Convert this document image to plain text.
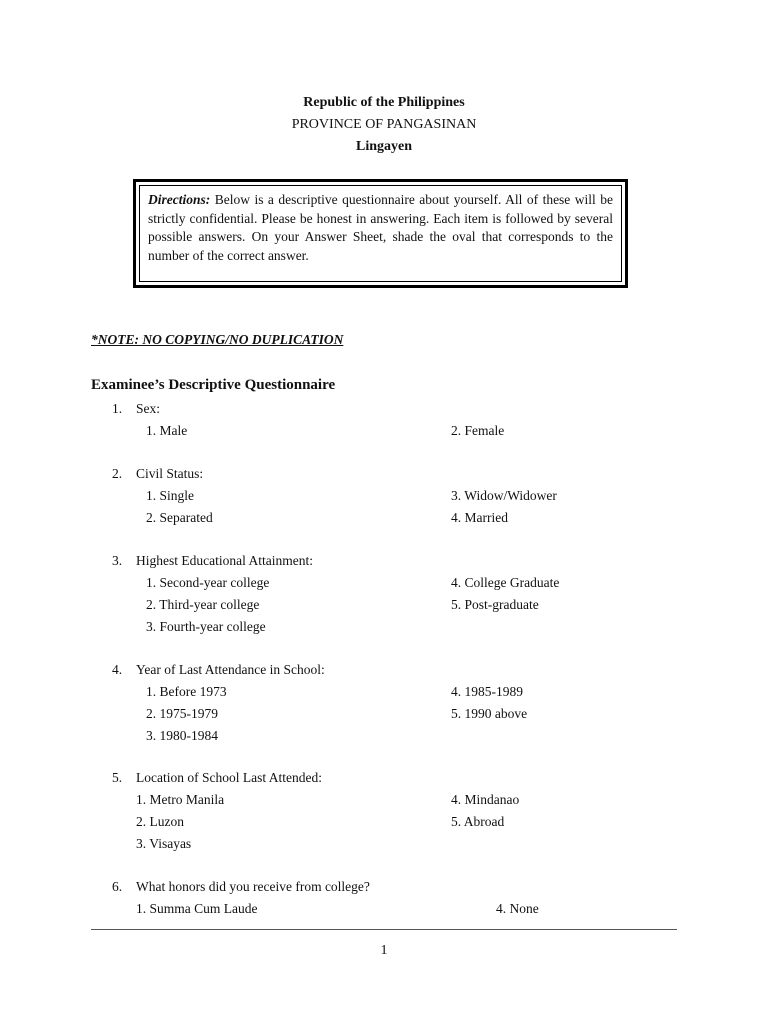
Republic of the Philippines
PROVINCE OF PANGASINAN
Lingayen
Directions: Below is a descriptive questionnaire about yourself. All of these will be strictly confidential. Please be honest in answering. Each item is followed by several possible answers. On your Answer Sheet, shade the oval that corresponds to the number of the correct answer.
*NOTE: NO COPYING/NO DUPLICATION
Examinee’s Descriptive Questionnaire
1. Sex:
1. Male	2. Female
2. Civil Status:
1. Single	3. Widow/Widower
2. Separated	4. Married
3. Highest Educational Attainment:
1. Second-year college	4. College Graduate
2. Third-year college	5. Post-graduate
3. Fourth-year college
4. Year of Last Attendance in School:
1. Before 1973	4. 1985-1989
2. 1975-1979	5. 1990 above
3. 1980-1984
5. Location of School Last Attended:
1. Metro Manila	4. Mindanao
2. Luzon	5. Abroad
3. Visayas
6. What honors did you receive from college?
1. Summa Cum Laude	4. None
1
